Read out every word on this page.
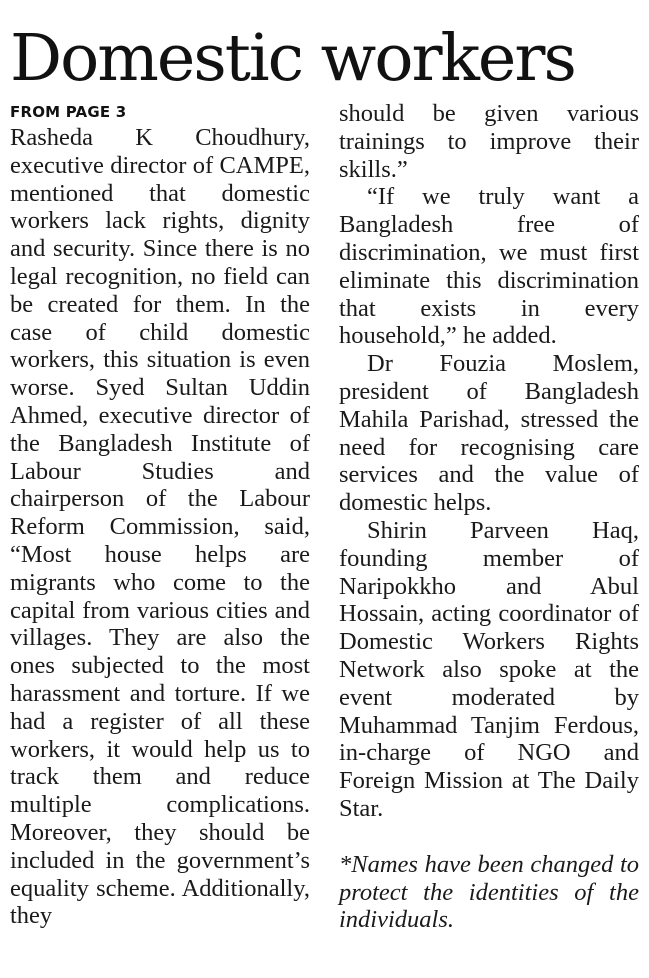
Domestic workers
FROM PAGE 3

Rasheda K Choudhury, executive director of CAMPE, mentioned that domestic workers lack rights, dignity and security. Since there is no legal recognition, no field can be created for them. In the case of child domestic workers, this situation is even worse. Syed Sultan Uddin Ahmed, executive director of the Bangladesh Institute of Labour Studies and chairperson of the Labour Reform Commission, said, “Most house helps are migrants who come to the capital from various cities and villages. They are also the ones subjected to the most harassment and torture. If we had a register of all these workers, it would help us to track them and reduce multiple complications. Moreover, they should be included in the government’s equality scheme. Additionally, they

should be given various trainings to improve their skills.”

“If we truly want a Bangladesh free of discrimination, we must first eliminate this discrimination that exists in every household,” he added.

Dr Fouzia Moslem, president of Bangladesh Mahila Parishad, stressed the need for recognising care services and the value of domestic helps.

Shirin Parveen Haq, founding member of Naripokkho and Abul Hossain, acting coordinator of Domestic Workers Rights Network also spoke at the event moderated by Muhammad Tanjim Ferdous, in-charge of NGO and Foreign Mission at The Daily Star.

*Names have been changed to protect the identities of the individuals.
